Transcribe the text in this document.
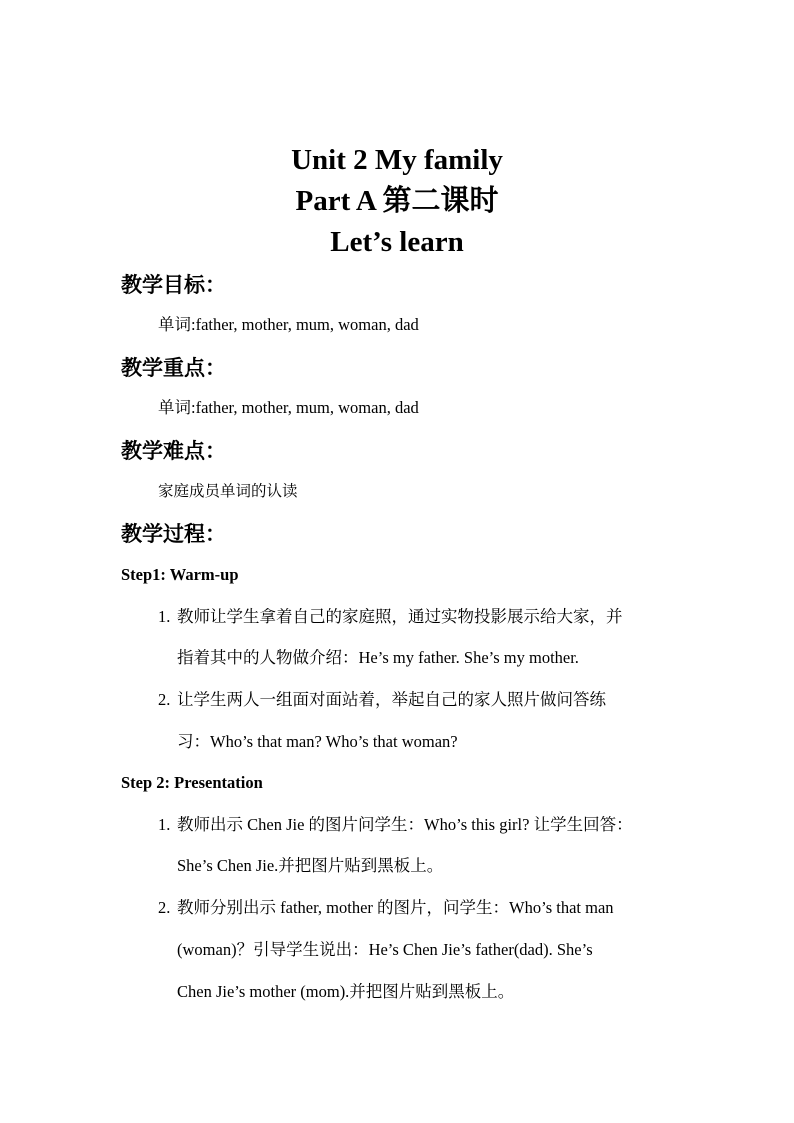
Unit 2 My family
Part A 第二课时
Let’s learn
教学目标：
单词:father, mother, mum, woman, dad
教学重点：
单词:father, mother, mum, woman, dad
教学难点：
家庭成员单词的认读
教学过程：
Step1: Warm-up
1. 教师让学生拿着自己的家庭照，通过实物投影展示给大家，并
指着其中的人物做介绍：He’s my father. She’s my mother.
2. 让学生两人一组面对面站着，举起自己的家人照片做问答练
习：Who’s that man? Who’s that woman?
Step 2: Presentation
1. 教师出示 Chen Jie 的图片问学生：Who’s this girl? 让学生回答：
She’s Chen Jie.并把图片贴到黑板上。
2. 教师分别出示 father, mother 的图片，问学生：Who’s that man
(woman)？引导学生说出：He’s Chen Jie’s father(dad). She’s
Chen Jie’s mother (mom).并把图片贴到黑板上。
